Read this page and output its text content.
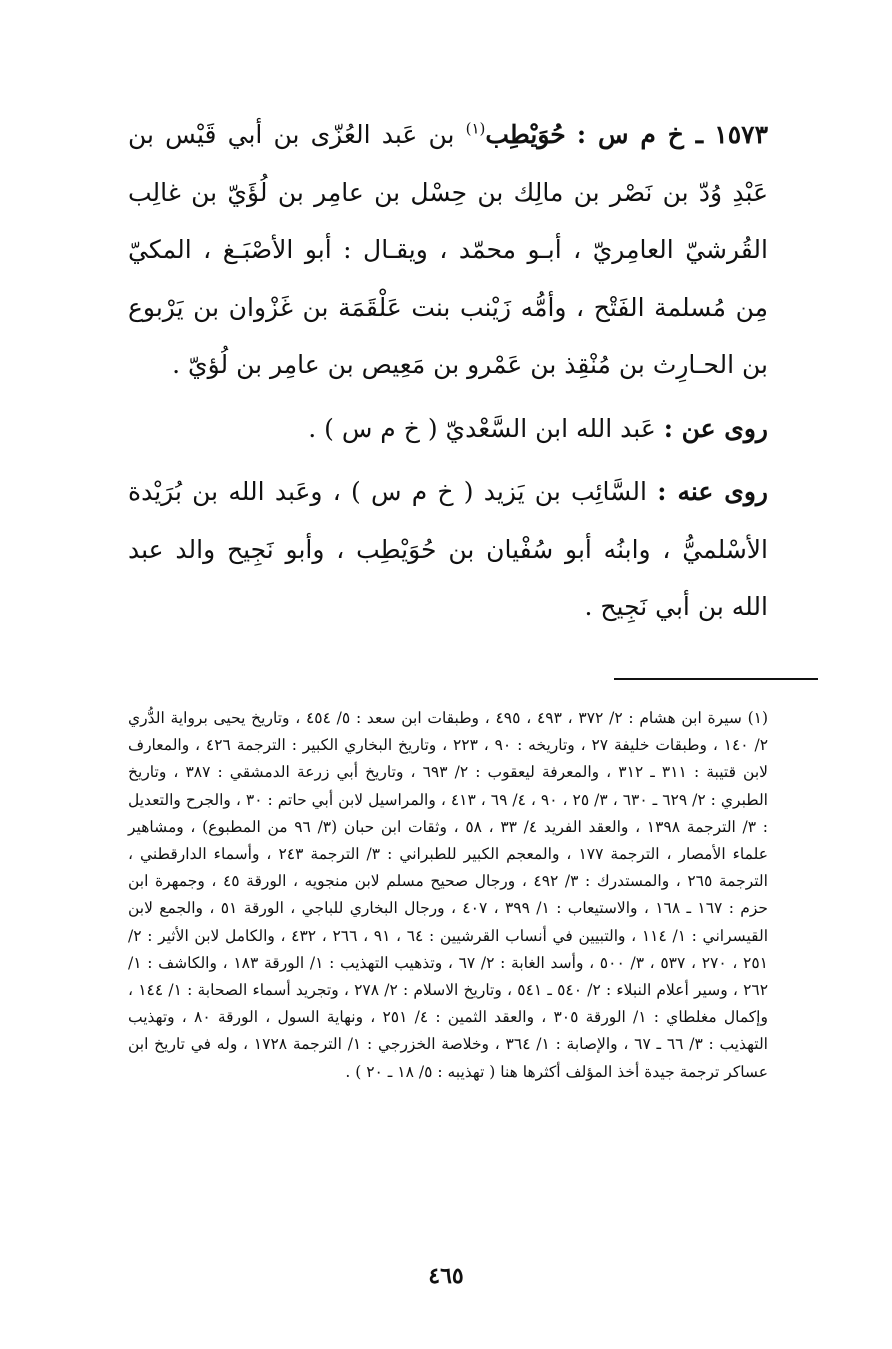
١٥٧٣ ـ خ م س : حُوَيْطِب$^{(١)}$ بن عَبد العُزّى بن أبي قَيْس بن عَبْدِ وُدّ بن نَصْر بن مالِك بن حِسْل بن عامِر بن لُؤَيّ بن غالِب القُرشيّ العامِريّ ، أبـو محمّد ، ويقـال : أبو الأصْبَـغ ، المكيّ مِن مُسلمة الفَتْح ، وأمُّه زَيْنب بنت عَلْقَمَة بن غَزْوان بن يَرْبوع بن الحـارِث بن مُنْقِذ بن عَمْرو بن مَعِيص بن عامِر بن لُؤيّ .

روى عن : عَبد الله ابن السَّعْديّ ( خ م س ) .

روى عنه : السَّائِب بن يَزيد ( خ م س ) ، وعَبد الله بن بُرَيْدة الأسْلميُّ ، وابنُه أبو سُفْيان بن حُوَيْطِب ، وأبو نَجِيح والد عبد الله بن أبي نَجِيح .

(١) سيرة ابن هشام : ٢/ ٣٧٢ ، ٤٩٣ ، ٤٩٥ ، وطبقات ابن سعد : ٥/ ٤٥٤ ، وتاريخ يحيى برواية الدُّري ٢/ ١٤٠ ، وطبقات خليفة ٢٧ ، وتاريخه : ٩٠ ، ٢٢٣ ، وتاريخ البخاري الكبير : الترجمة ٤٢٦ ، والمعارف لابن قتيبة : ٣١١ ـ ٣١٢ ، والمعرفة ليعقوب : ٢/ ٦٩٣ ، وتاريخ أبي زرعة الدمشقي : ٣٨٧ ، وتاريخ الطبري : ٢/ ٦٢٩ ـ ٦٣٠ ، ٣/ ٢٥ ، ٩٠ ، ٤/ ٦٩ ، ٤١٣ ، والمراسيل لابن أبي حاتم : ٣٠ ، والجرح والتعديل : ٣/ الترجمة ١٣٩٨ ، والعقد الفريد ٤/ ٣٣ ، ٥٨ ، وثقات ابن حبان (٣/ ٩٦ من المطبوع) ، ومشاهير علماء الأمصار ، الترجمة ١٧٧ ، والمعجم الكبير للطبراني : ٣/ الترجمة ٢٤٣ ، وأسماء الدارقطني ، الترجمة ٢٦٥ ، والمستدرك : ٣/ ٤٩٢ ، ورجال صحيح مسلم لابن منجويه ، الورقة ٤٥ ، وجمهرة ابن حزم : ١٦٧ ـ ١٦٨ ، والاستيعاب : ١/ ٣٩٩ ، ٤٠٧ ، ورجال البخاري للباجي ، الورقة ٥١ ، والجمع لابن القيسراني : ١/ ١١٤ ، والتبيين في أنساب القرشيين : ٦٤ ، ٩١ ، ٢٦٦ ، ٤٣٢ ، والكامل لابن الأثير : ٢/ ٢٥١ ، ٢٧٠ ، ٥٣٧ ، ٣/ ٥٠٠ ، وأسد الغابة : ٢/ ٦٧ ، وتذهيب التهذيب : ١/ الورقة ١٨٣ ، والكاشف : ١/ ٢٦٢ ، وسير أعلام النبلاء : ٢/ ٥٤٠ ـ ٥٤١ ، وتاريخ الاسلام : ٢/ ٢٧٨ ، وتجريد أسماء الصحابة : ١/ ١٤٤ ، وإكمال مغلطاي : ١/ الورقة ٣٠٥ ، والعقد الثمين : ٤/ ٢٥١ ، ونهاية السول ، الورقة ٨٠ ، وتهذيب التهذيب : ٣/ ٦٦ ـ ٦٧ ، والإصابة : ١/ ٣٦٤ ، وخلاصة الخزرجي : ١/ الترجمة ١٧٢٨ ، وله في تاريخ ابن عساكر ترجمة جيدة أخذ المؤلف أكثرها هنا ( تهذيبه : ٥/ ١٨ ـ ٢٠ ) .

٤٦٥
